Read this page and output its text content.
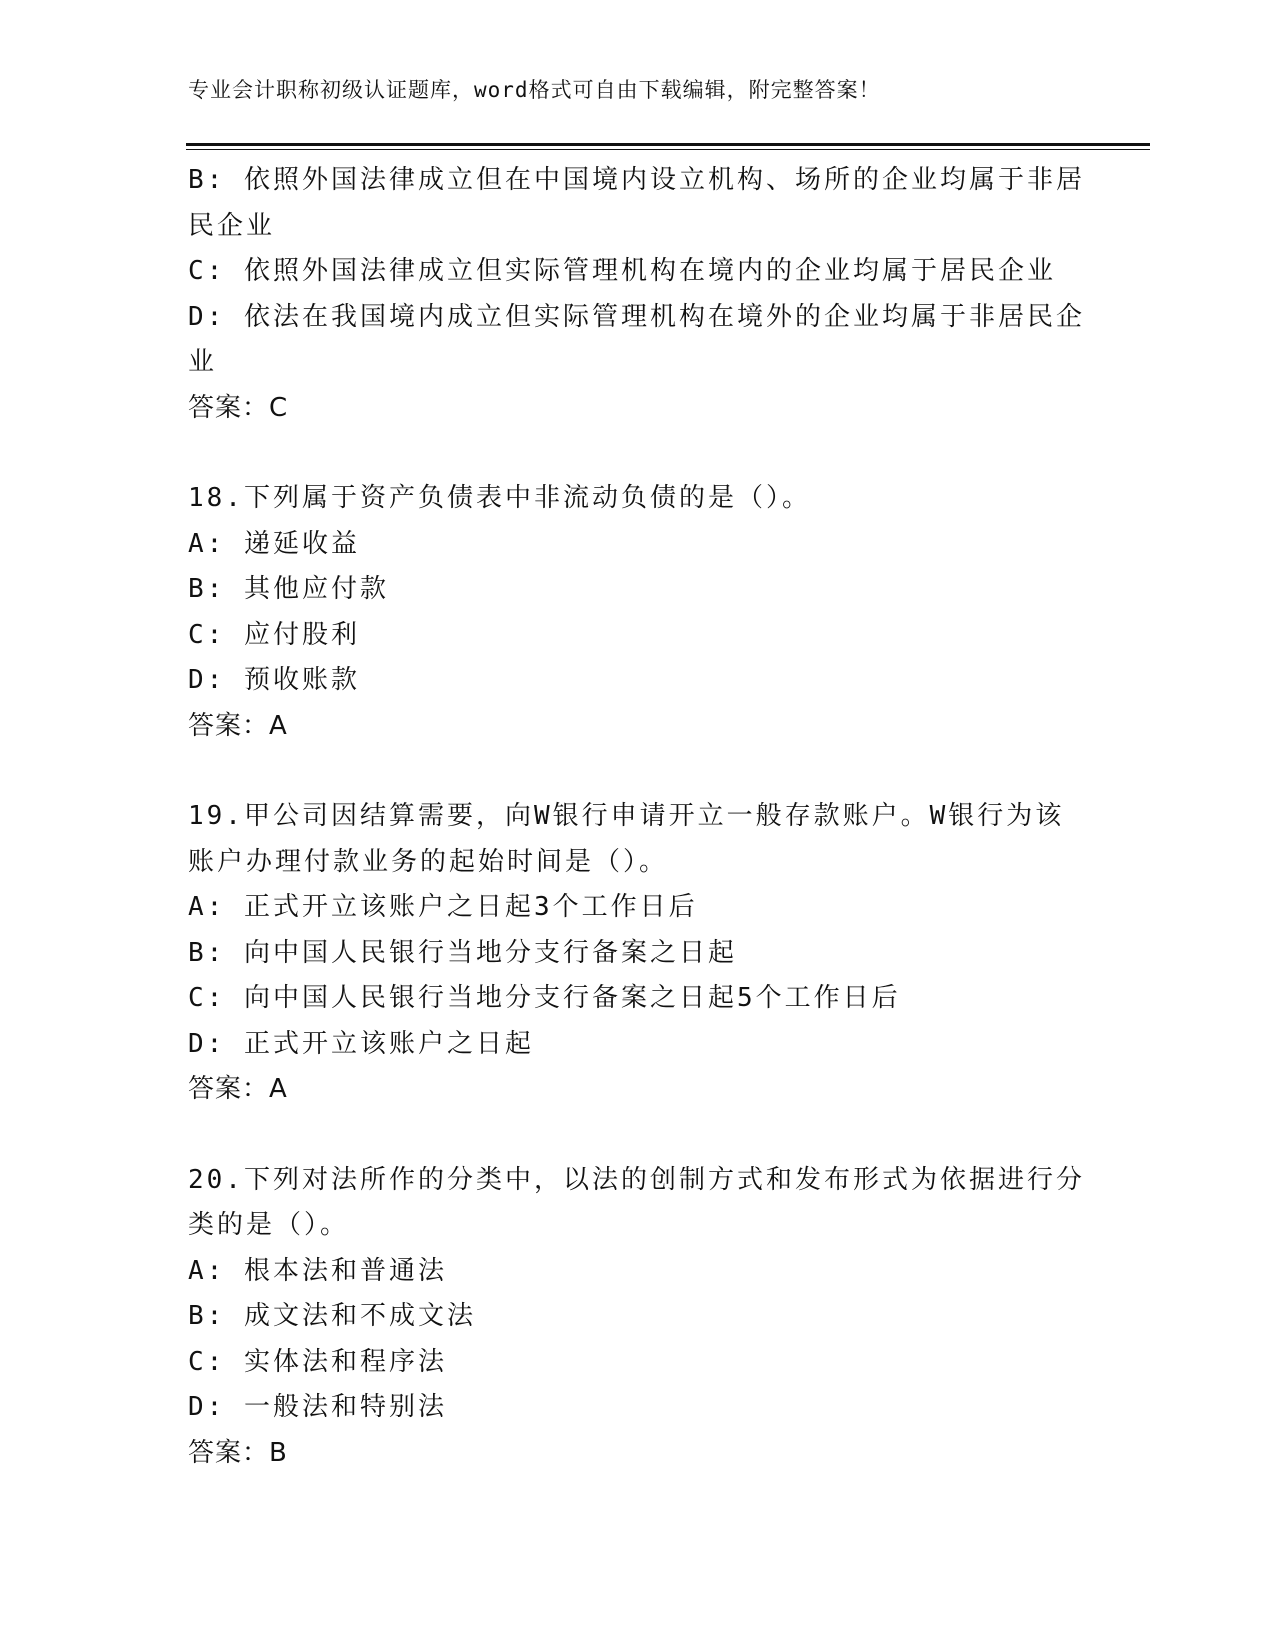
专业会计职称初级认证题库，word格式可自由下载编辑，附完整答案！
B: 依照外国法律成立但在中国境内设立机构、场所的企业均属于非居
民企业
C: 依照外国法律成立但实际管理机构在境内的企业均属于居民企业
D: 依法在我国境内成立但实际管理机构在境外的企业均属于非居民企
业
答案：C
18.下列属于资产负债表中非流动负债的是（）。
A: 递延收益
B: 其他应付款
C: 应付股利
D: 预收账款
答案：A
19.甲公司因结算需要，向W银行申请开立一般存款账户。W银行为该
账户办理付款业务的起始时间是（）。
A: 正式开立该账户之日起3个工作日后
B: 向中国人民银行当地分支行备案之日起
C: 向中国人民银行当地分支行备案之日起5个工作日后
D: 正式开立该账户之日起
答案：A
20.下列对法所作的分类中，以法的创制方式和发布形式为依据进行分
类的是（）。
A: 根本法和普通法
B: 成文法和不成文法
C: 实体法和程序法
D: 一般法和特别法
答案：B
